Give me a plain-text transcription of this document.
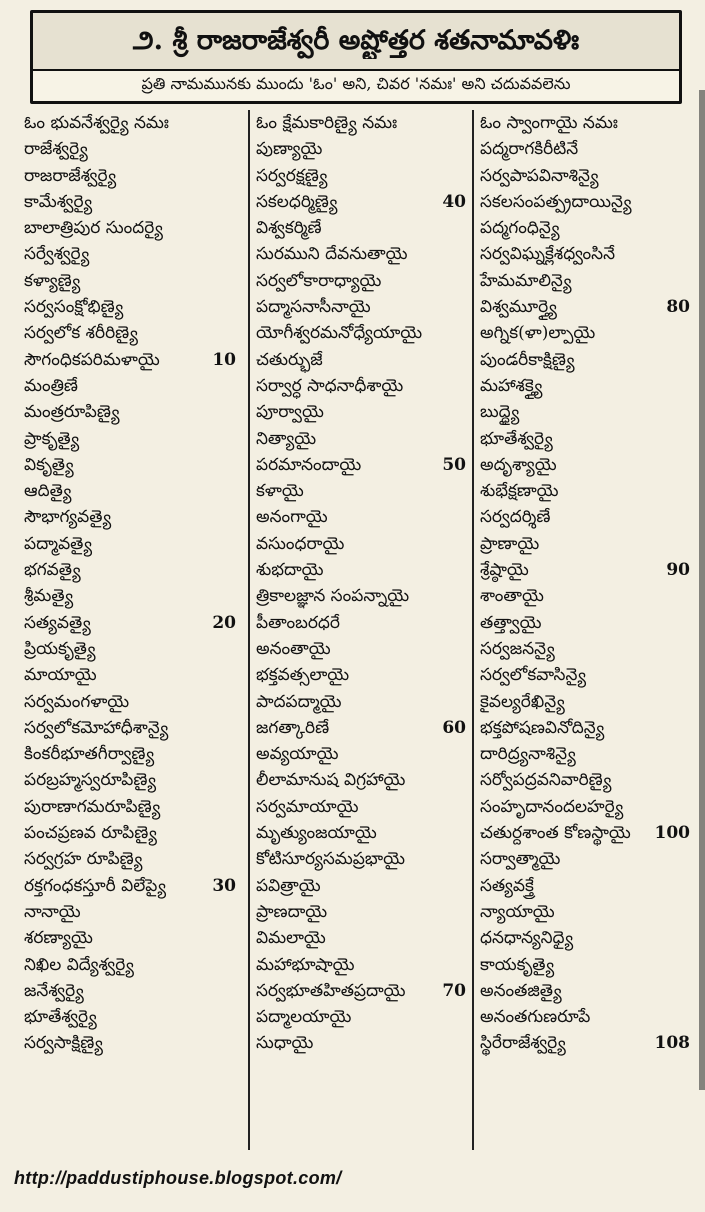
౨. శ్రీ రాజరాజేశ్వరీ అష్టోత్తర శతనామావళిః
ప్రతి నామమునకు ముందు 'ఓం' అని, చివర 'నమః' అని చదువవలెను
ఓం భువనేశ్వర్యై నమః
రాజేశ్వర్యై
రాజరాజేశ్వర్యై
కామేశ్వర్యై
బాలాత్రిపుర సుందర్యై
సర్వేశ్వర్యై
కళ్యాణ్యై
సర్వసంక్షోభిణ్యై
సర్వలోక శరీరిణ్యై
సౌగంధికపరిమళాయై	10
మంత్రిణే
మంత్రరూపిణ్యై
ప్రాకృత్యై
వికృత్యై
ఆదిత్యై
సౌభాగ్యవత్యై
పద్మావత్యై
భగవత్యై
శ్రీమత్యై
సత్యవత్యై	20
ప్రియకృత్యై
మాయాయై
సర్వమంగళాయై
సర్వలోకమోహాధీశాన్యై
కింకరీభూతగీర్వాణ్యై
పరబ్రహ్మస్వరూపిణ్యై
పురాణాగమరూపిణ్యై
పంచప్రణవ రూపిణ్యై
సర్వగ్రహ రూపిణ్యై
రక్తగంధకస్తూరీ విలేప్యై	30
నానాయై
శరణ్యాయై
నిఖిల విద్యేశ్వర్యై
జనేశ్వర్యై
భూతేశ్వర్యై
సర్వసాక్షిణ్యై
ఓం క్షేమకారిణ్యై నమః
పుణ్యాయై
సర్వరక్షణ్యై
సకలధర్మిణ్యై	40
విశ్వకర్మిణే
సురముని దేవనుతాయై
సర్వలోకారాధ్యాయై
పద్మాసనాసీనాయై
యోగీశ్వరమనోధ్యేయాయై
చతుర్భుజే
సర్వార్ధ సాధనాధీశాయై
పూర్వాయై
నిత్యాయై
పరమానందాయై	50
కళాయై
అనంగాయై
వసుంధరాయై
శుభదాయై
త్రికాలజ్ఞాన సంపన్నాయై
పీతాంబరధరే
అనంతాయై
భక్తవత్సలాయై
పాదపద్మాయై
జగత్కారిణే	60
అవ్యయాయై
లీలామానుష విగ్రహాయై
సర్వమాయాయై
మృత్యుంజయాయై
కోటిసూర్యసమప్రభాయై
పవిత్రాయై
ప్రాణదాయై
విమలాయై
మహాభూషాయై
సర్వభూతహితప్రదాయై 70
పద్మాలయాయై
సుధాయై
ఓం స్వాంగాయై నమః
పద్మరాగకిరీటినే
సర్వపాపవినాశిన్యై
సకలసంపత్ప్రదాయిన్యై
పద్మగంధిన్యై
సర్వవిఘ్నక్లేశధ్వంసినే
హేమమాలిన్యై
విశ్వమూర్త్యై	80
అగ్నిక(ళా)ల్పాయై
పుండరీకాక్షిణ్యై
మహాశక్త్యై
బుద్ధ్యై
భూతేశ్వర్యై
అదృశ్యాయై
శుభేక్షణాయై
సర్వదర్శిణే
ప్రాణాయై
శ్రేష్ఠాయై	90
శాంతాయై
తత్త్వాయై
సర్వజనన్యై
సర్వలోకవాసిన్యై
కైవల్యరేఖిన్యై
భక్తపోషణవినోదిన్యై
దారిద్ర్యనాశిన్యై
సర్వోపద్రవనివారిణ్యై
సంహృదానందలహర్యై
చతుర్దశాంత కోణస్థాయై 100
సర్వాత్మాయై
సత్యవక్త్రే
న్యాయాయై
ధనధాన్యనిధ్యై
కాయకృత్యై
అనంతజిత్యై
అనంతగుణరూపే
స్థిరేరాజేశ్వర్యై	108
http://paddustiphouse.blogspot.com/
